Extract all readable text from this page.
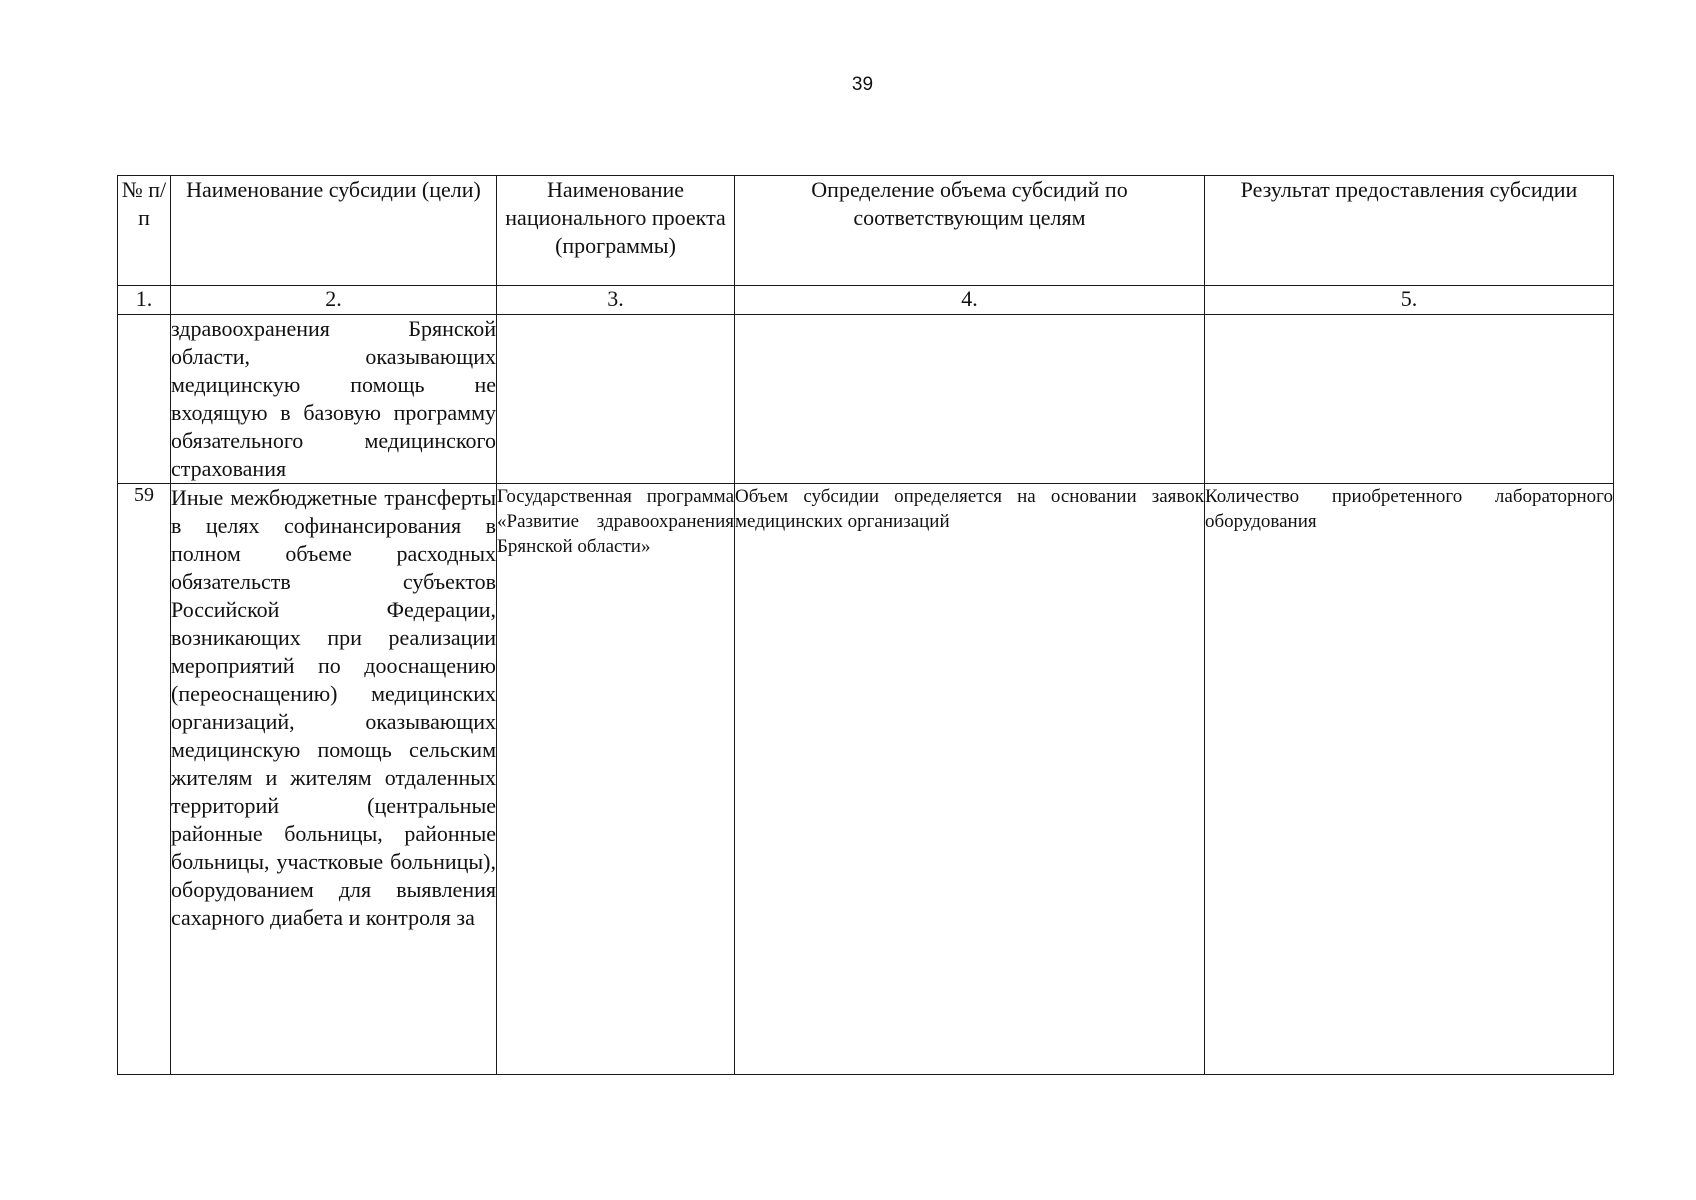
39
№ п/п	Наименование субсидии (цели)	Наименование национального проекта (программы)	Определение объема субсидий по соответствующим целям	Результат предоставления субсидии
1.	2.	3.	4.	5.
	здравоохранения Брянской области, оказывающих медицинскую помощь не входящую в базовую программу обязательного медицинского страхования			
59	Иные межбюджетные трансферты в целях софинансирования в полном объеме расходных обязательств субъектов Российской Федерации, возникающих при реализации мероприятий по дооснащению (переоснащению) медицинских организаций, оказывающих медицинскую помощь сельским жителям и жителям отдаленных территорий (центральные районные больницы, районные больницы, участковые больницы), оборудованием для выявления сахарного диабета и контроля за	Государственная программа «Развитие здравоохранения Брянской области»	Объем субсидии определяется на основании заявок медицинских организаций	Количество приобретенного лабораторного оборудования
